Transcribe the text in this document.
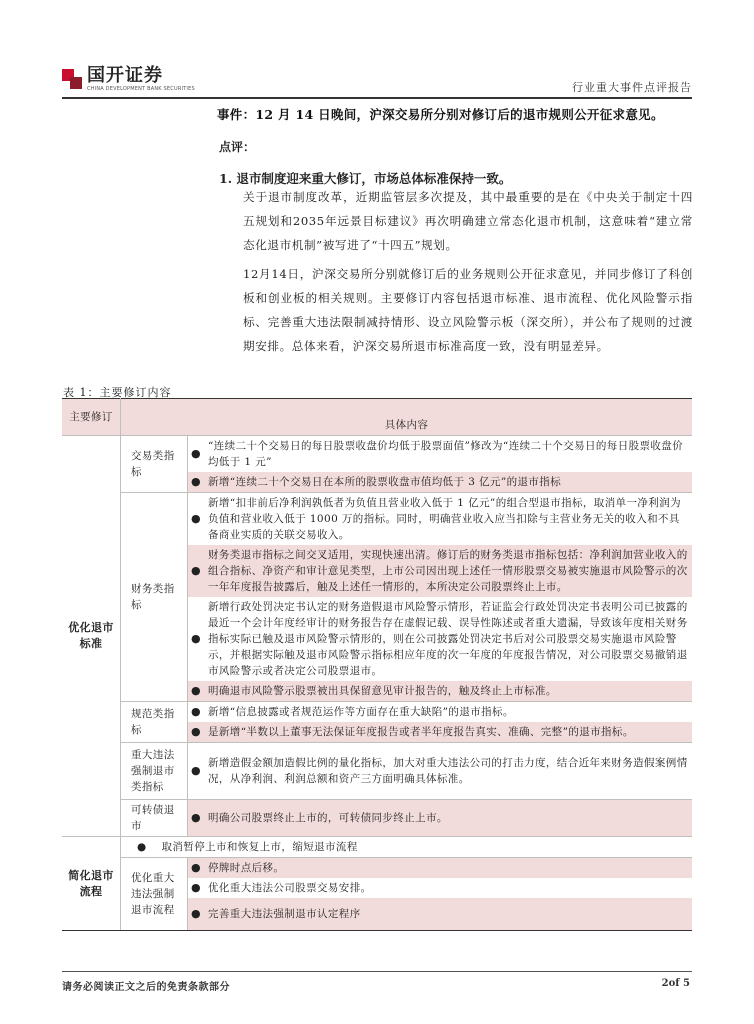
国开证券
CHINA DEVELOPMENT BANK SECURITIES	行业重大事件点评报告
事件：12 月 14 日晚间，沪深交易所分别对修订后的退市规则公开征求意见。
点评：
1. 退市制度迎来重大修订，市场总体标准保持一致。
关于退市制度改革，近期监管层多次提及，其中最重要的是在《中央关于制定十四五规划和2035年远景目标建议》再次明确建立常态化退市机制，这意味着“建立常态化退市机制”被写进了“十四五”规划。
12月14日，沪深交易所分别就修订后的业务规则公开征求意见，并同步修订了科创板和创业板的相关规则。主要修订内容包括退市标准、退市流程、优化风险警示指标、完善重大违法限制减持情形、设立风险警示板（深交所），并公布了规则的过渡期安排。总体来看，沪深交易所退市标准高度一致，没有明显差异。
表 1：主要修订内容
主要修订	具体内容		
优化退市标准	交易类指标	●	“连续二十个交易日的每日股票收盘价均低于股票面值”修改为“连续二十个交易日的每日股票收盘价均低于 1 元”
		●	新增“连续二十个交易日在本所的股票收盘市值均低于 3 亿元”的退市指标
	财务类指标	●	新增“扣非前后净利润孰低者为负值且营业收入低于 1 亿元”的组合型退市指标，取消单一净利润为负值和营业收入低于 1000 万的指标。同时，明确营业收入应当扣除与主营业务无关的收入和不具备商业实质的关联交易收入。
		●	财务类退市指标之间交叉适用，实现快速出清。修订后的财务类退市指标包括：净利润加营业收入的组合指标、净资产和审计意见类型，上市公司因出现上述任一情形股票交易被实施退市风险警示的次一年年度报告披露后，触及上述任一情形的，本所决定公司股票终止上市。
		●	新增行政处罚决定书认定的财务造假退市风险警示情形，若证监会行政处罚决定书表明公司已披露的最近一个会计年度经审计的财务报告存在虚假记载、误导性陈述或者重大遗漏，导致该年度相关财务指标实际已触及退市风险警示情形的，则在公司披露处罚决定书后对公司股票交易实施退市风险警示，并根据实际触及退市风险警示指标相应年度的次一年度的年度报告情况，对公司股票交易撤销退市风险警示或者决定公司股票退市。
		●	明确退市风险警示股票被出具保留意见审计报告的，触及终止上市标准。
	规范类指标	●	新增“信息披露或者规范运作等方面存在重大缺陷”的退市指标。
		●	是新增“半数以上董事无法保证年度报告或者半年度报告真实、准确、完整”的退市指标。
	重大违法强制退市类指标	●	新增造假金额加造假比例的量化指标，加大对重大违法公司的打击力度，结合近年来财务造假案例情况，从净利润、利润总额和资产三方面明确具体标准。
	可转债退市	●	明确公司股票终止上市的，可转债同步终止上市。
简化退市流程	● 取消暂停上市和恢复上市，缩短退市流程		
	优化重大违法强制退市流程	●	停牌时点后移。
		●	优化重大违法公司股票交易安排。
		●	完善重大违法强制退市认定程序
请务必阅读正文之后的免责条款部分	2of 5
